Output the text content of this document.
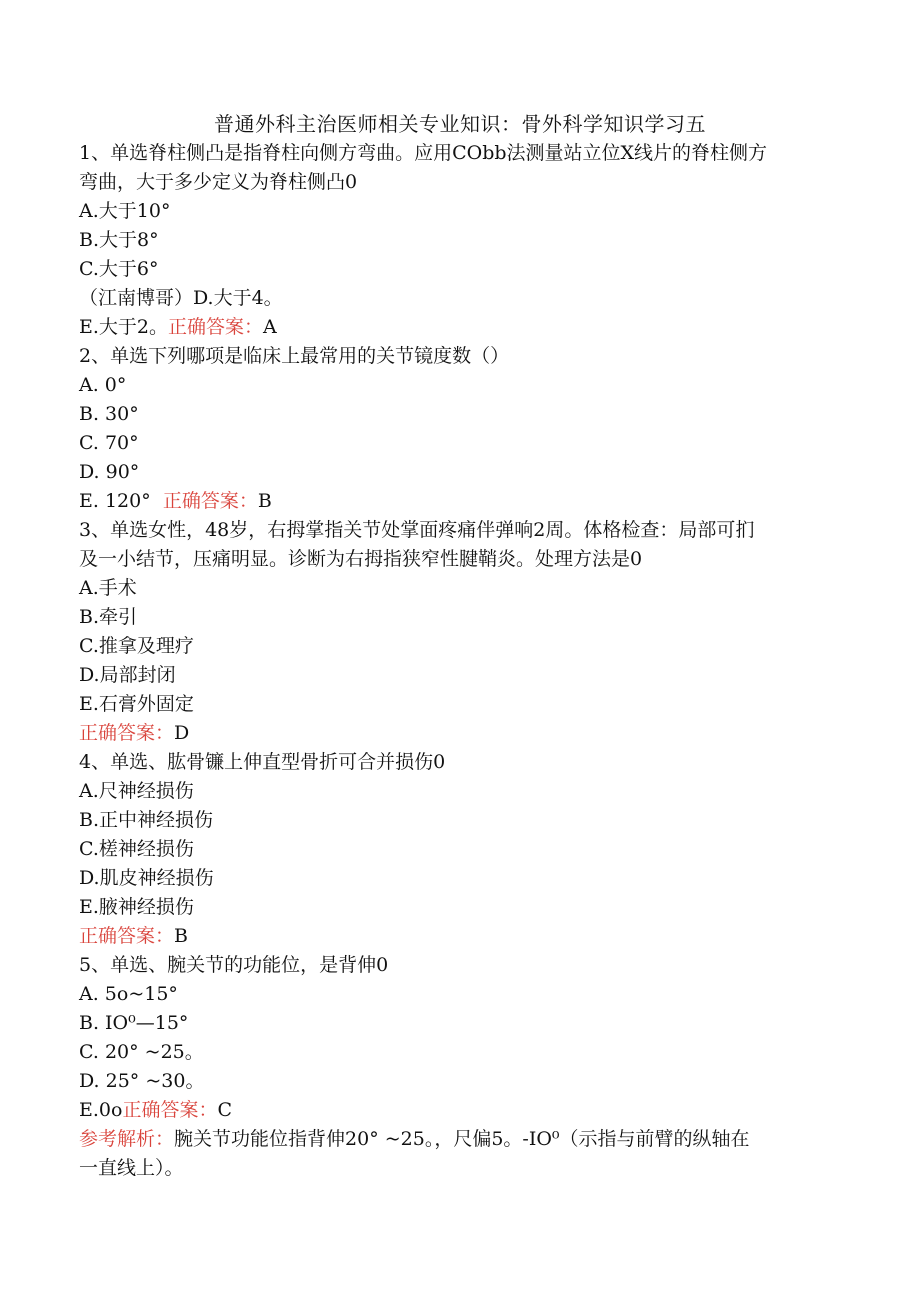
普通外科主治医师相关专业知识：骨外科学知识学习五
1、单选脊柱侧凸是指脊柱向侧方弯曲。应用CObb法测量站立位X线片的脊柱侧方
弯曲，大于多少定义为脊柱侧凸0
A.大于10°
B.大于8°
C.大于6°
（江南博哥）D.大于4。
E.大于2。正确答案：A
2、单选下列哪项是临床上最常用的关节镜度数（）
A. 0°
B. 30°
C. 70°
D. 90°
E. 120° 正确答案：B
3、单选女性，48岁，右拇掌指关节处掌面疼痛伴弹响2周。体格检查：局部可扪
及一小结节，压痛明显。诊断为右拇指狭窄性腱鞘炎。处理方法是0
A.手术
B.牵引
C.推拿及理疗
D.局部封闭
E.石膏外固定
正确答案：D
4、单选、肱骨镰上伸直型骨折可合并损伤0
A.尺神经损伤
B.正中神经损伤
C.槎神经损伤
D.肌皮神经损伤
E.腋神经损伤
正确答案：B
5、单选、腕关节的功能位，是背伸0
A. 5o~15°
B. IO⁰—15°
C. 20° ~25。
D. 25° ~30。
E.0o正确答案：C
参考解析：腕关节功能位指背伸20° ~25。，尺偏5。-IO⁰（示指与前臂的纵轴在
一直线上）。
